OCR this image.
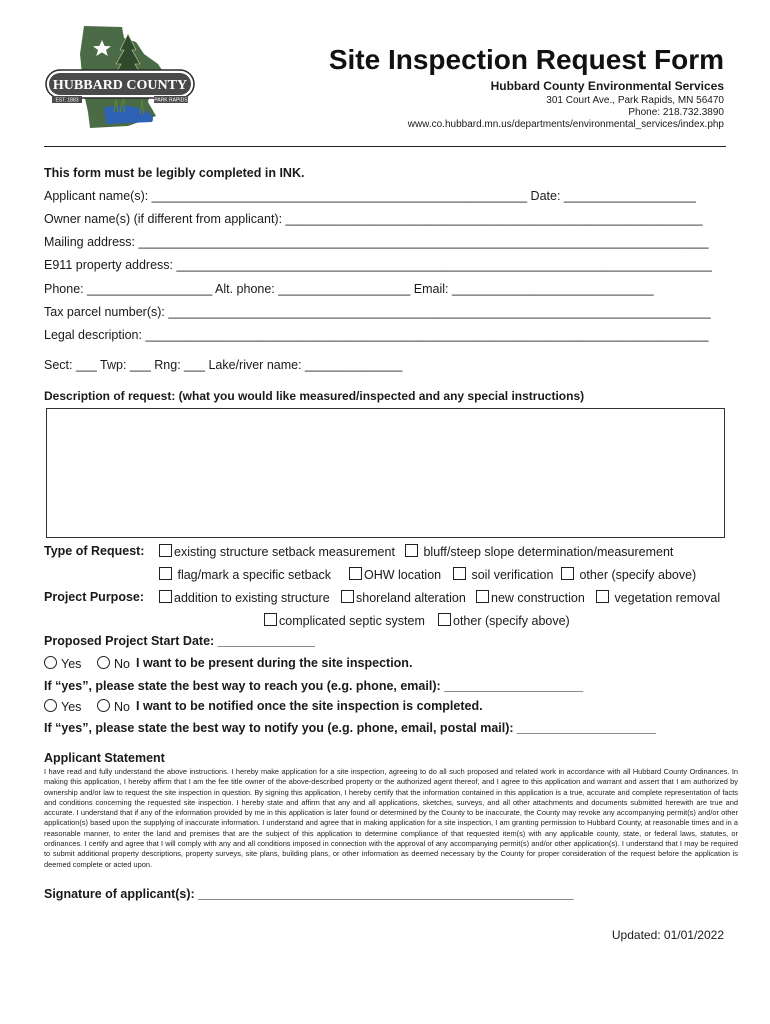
HUBBARD COUNTY
EST. 1883	PARK RAPIDS
Site Inspection Request Form
Hubbard County Environmental Services
301 Court Ave., Park Rapids, MN 56470
Phone: 218.732.3890
www.co.hubbard.mn.us/departments/environmental_services/index.php
This form must be legibly completed in INK.
Applicant name(s): ______________________________________________________ Date: ___________________
Owner name(s) (if different from applicant): ____________________________________________________________
Mailing address: __________________________________________________________________________________
E911 property address: _____________________________________________________________________________
Phone: __________________ Alt. phone: ___________________ Email: _____________________________
Tax parcel number(s): ______________________________________________________________________________
Legal description: _________________________________________________________________________________
Sect: ___ Twp: ___ Rng: ___ Lake/river name: ______________
Description of request: (what you would like measured/inspected and any special instructions)
Type of Request:	existing structure setback measurement	bluff/steep slope determination/measurement
flag/mark a specific setback	OHW location	soil verification	other (specify above)
Project Purpose:	addition to existing structure	shoreland alteration	new construction	vegetation removal
complicated septic system	other (specify above)
Proposed Project Start Date: ______________
Yes	No I want to be present during the site inspection.
If “yes”, please state the best way to reach you (e.g. phone, email): ____________________
Yes	No I want to be notified once the site inspection is completed.
If “yes”, please state the best way to notify you (e.g. phone, email, postal mail): ____________________
Applicant Statement
I have read and fully understand the above instructions. I hereby make application for a site inspection, agreeing to do all such proposed and related work in accordance with all Hubbard County Ordinances. In making this application, I hereby affirm that I am the fee title owner of the above-described property or the authorized agent thereof, and I agree to this application and warrant and assert that I am authorized by ownership and/or law to request the site inspection in question. By signing this application, I hereby certify that the information contained in this application is a true, accurate and complete representation of facts and conditions concerning the requested site inspection. I hereby state and affirm that any and all applications, sketches, surveys, and all other attachments and documents submitted herewith are true and accurate. I understand that if any of the information provided by me in this application is later found or determined by the County to be inaccurate, the County may revoke any accompanying permit(s) and/or other application(s) based upon the supplying of inaccurate information. I understand and agree that in making application for a site inspection, I am granting permission to Hubbard County, at reasonable times and in a reasonable manner, to enter the land and premises that are the subject of this application to determine compliance of that requested item(s) with any applicable county, state, or federal laws, statutes, or ordinances. I certify and agree that I will comply with any and all conditions imposed in connection with the approval of any accompanying permit(s) and/or other application(s). I understand that I may be required to submit additional property descriptions, property surveys, site plans, building plans, or other information as deemed necessary by the County for proper consideration of the request before the application is deemed complete or acted upon.
Signature of applicant(s): ______________________________________________________
Updated: 01/01/2022
